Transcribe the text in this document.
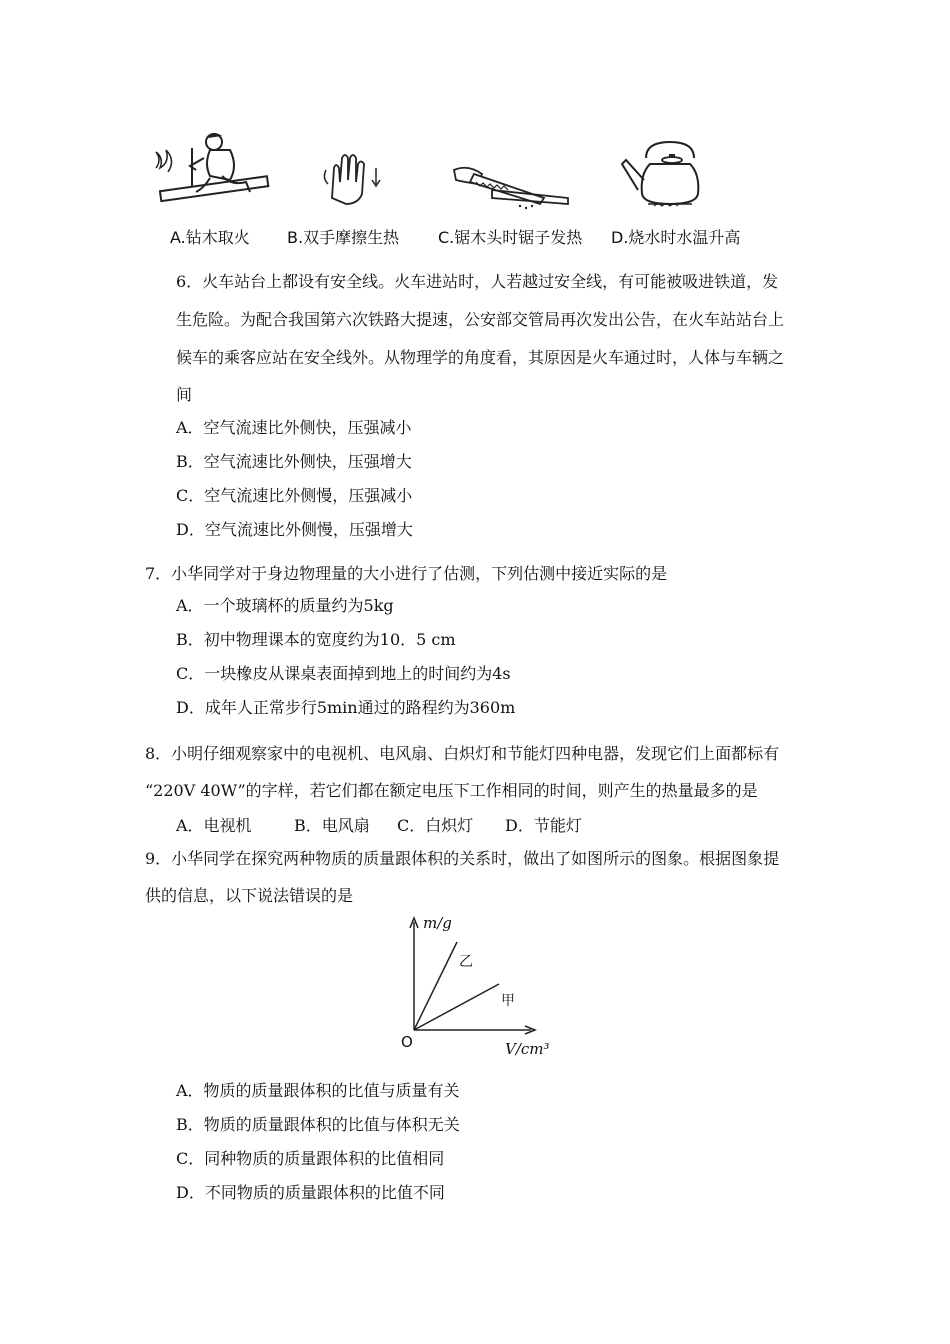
A.钻木取火 B.双手摩擦生热 C.锯木头时锯子发热 D.烧水时水温升高
6．火车站台上都设有安全线。火车进站时，人若越过安全线，有可能被吸进铁道，发
生危险。为配合我国第六次铁路大提速，公安部交管局再次发出公告，在火车站站台上
候车的乘客应站在安全线外。从物理学的角度看，其原因是火车通过时，人体与车辆之
间
A．空气流速比外侧快，压强减小
B．空气流速比外侧快，压强增大
C．空气流速比外侧慢，压强减小
D．空气流速比外侧慢，压强增大
7．小华同学对于身边物理量的大小进行了估测，下列估测中接近实际的是
A．一个玻璃杯的质量约为5kg
B．初中物理课本的宽度约为10．5 cm
C．一块橡皮从课桌表面掉到地上的时间约为4s
D．成年人正常步行5min通过的路程约为360m
8．小明仔细观察家中的电视机、电风扇、白炽灯和节能灯四种电器，发现它们上面都标有
“220V 40W”的字样，若它们都在额定电压下工作相同的时间，则产生的热量最多的是
A．电视机	B．电风扇 C．白炽灯 D．节能灯
9．小华同学在探究两种物质的质量跟体积的关系时，做出了如图所示的图象。根据图象提
供的信息，以下说法错误的是
m/g
乙
甲
O	V/cm³
A．物质的质量跟体积的比值与质量有关
B．物质的质量跟体积的比值与体积无关
C．同种物质的质量跟体积的比值相同
D．不同物质的质量跟体积的比值不同
